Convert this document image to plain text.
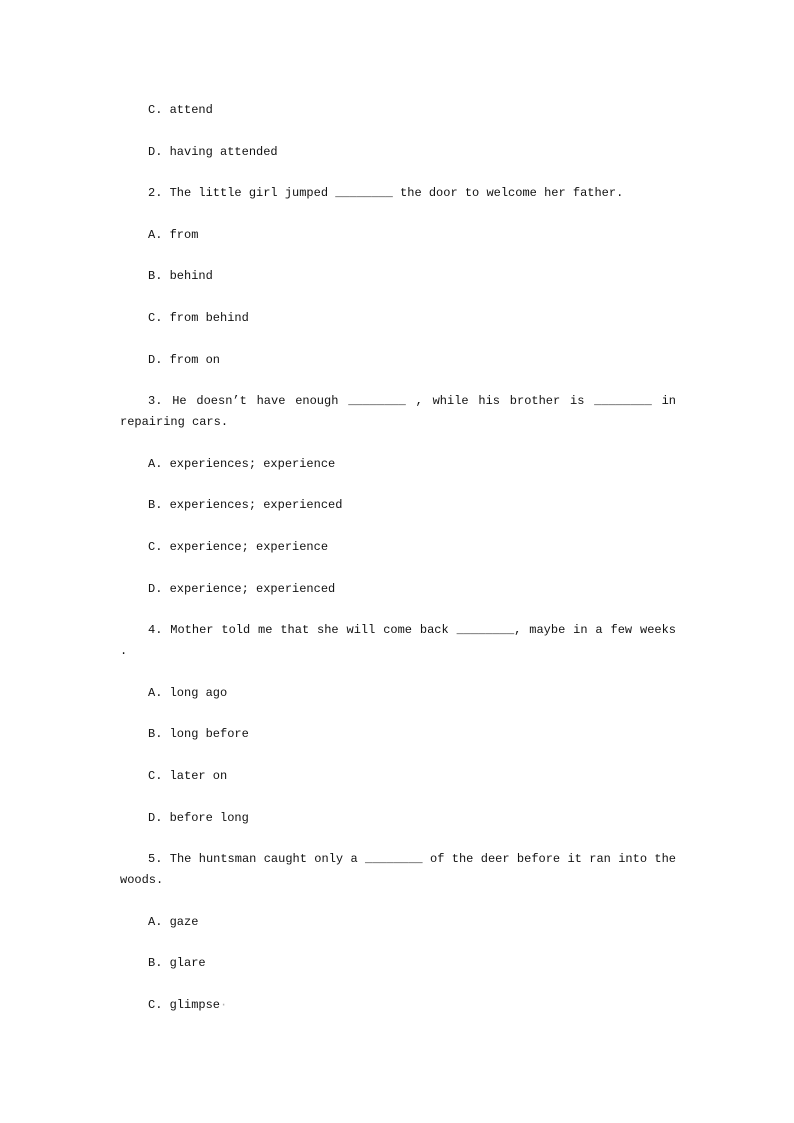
C. attend

D. having attended

2. The little girl jumped ________ the door to welcome her father.

A. from

B. behind

C. from behind

D. from on

3. He doesn’t have enough ________ , while his brother is ________ in repairing cars.

A. experiences; experience

B. experiences; experienced

C. experience; experience

D. experience; experienced

4. Mother told me that she will come back ________, maybe in a few weeks .

A. long ago

B. long before

C. later on

D. before long

5. The huntsman caught only a ________ of the deer before it ran into the woods.

A. gaze

B. glare

C. glimpse·
